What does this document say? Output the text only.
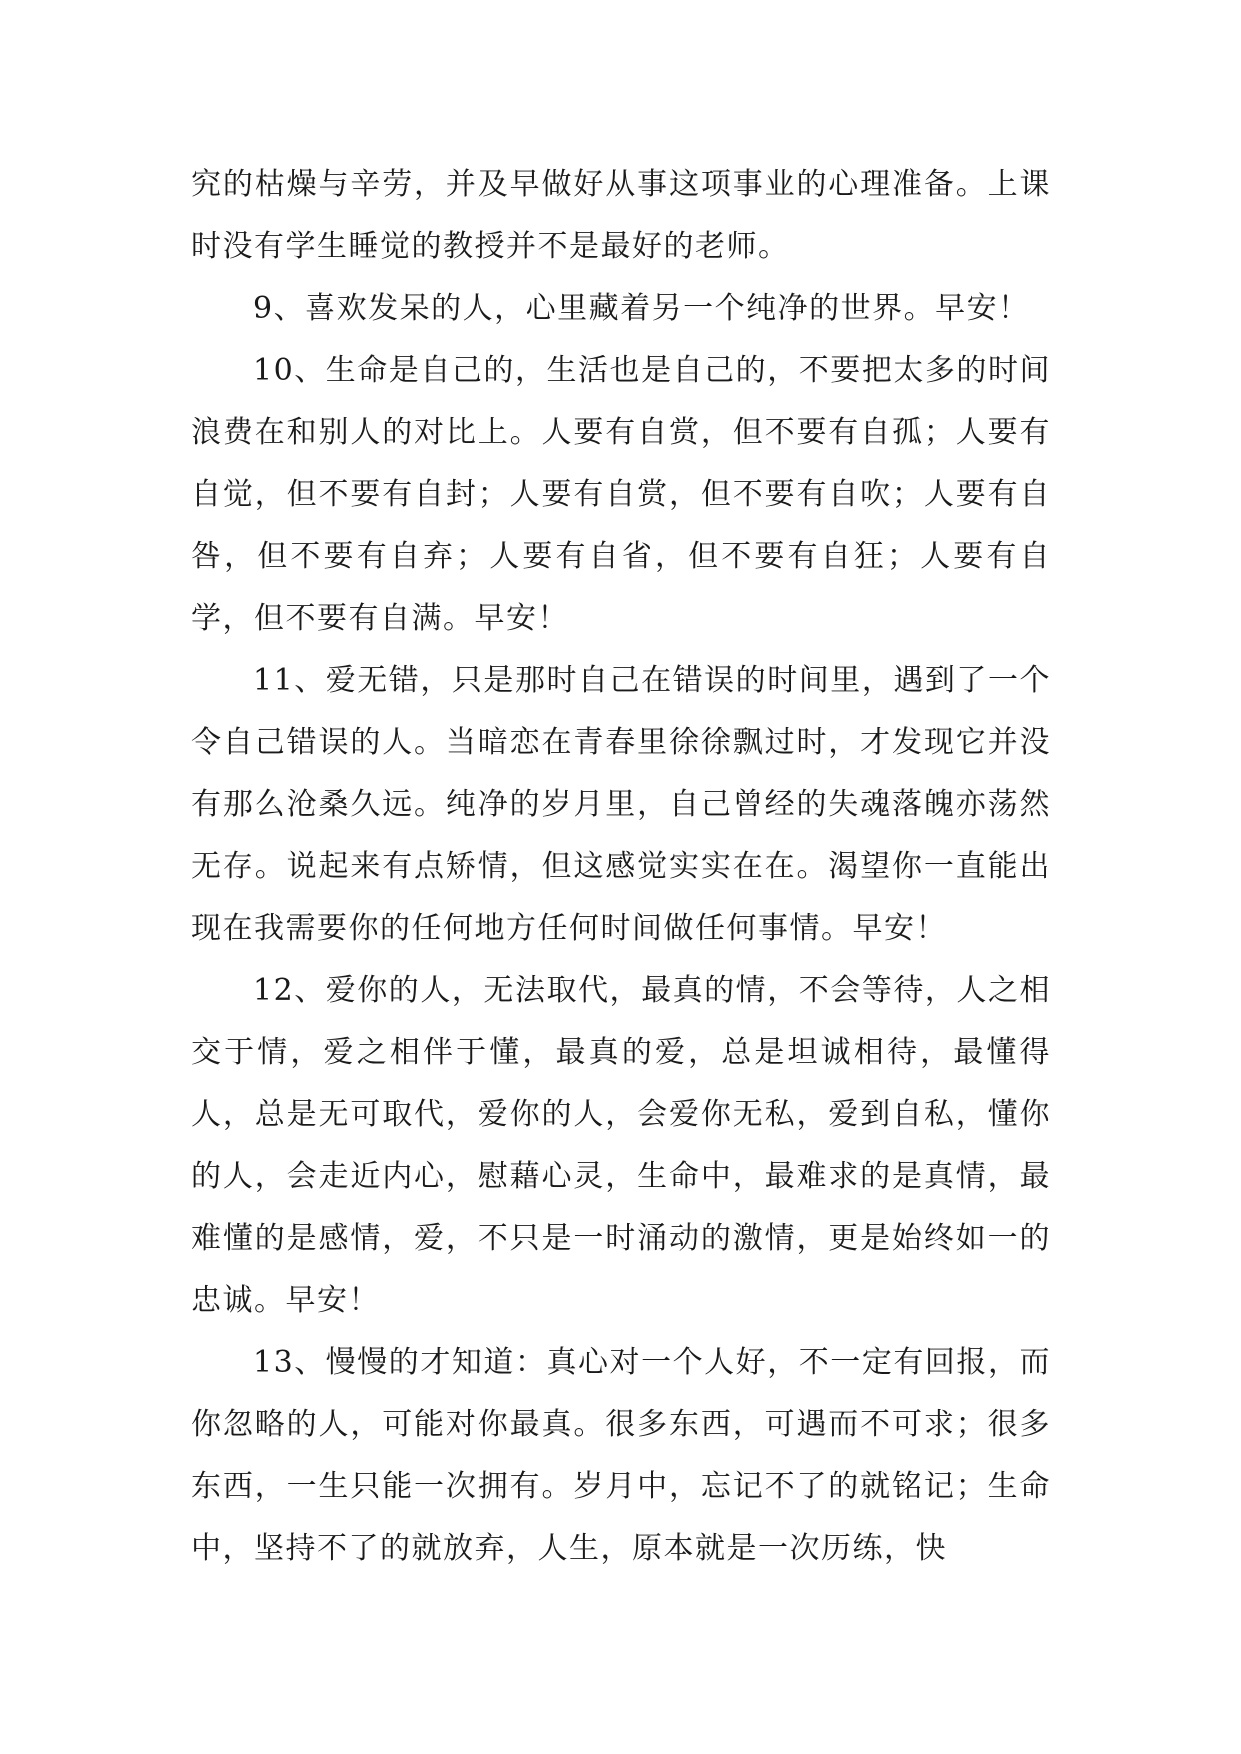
究的枯燥与辛劳，并及早做好从事这项事业的心理准备。上课时没有学生睡觉的教授并不是最好的老师。

9、喜欢发呆的人，心里藏着另一个纯净的世界。早安！

10、生命是自己的，生活也是自己的，不要把太多的时间浪费在和别人的对比上。人要有自赏，但不要有自孤；人要有自觉，但不要有自封；人要有自赏，但不要有自吹；人要有自咎，但不要有自弃；人要有自省，但不要有自狂；人要有自学，但不要有自满。早安！

11、爱无错，只是那时自己在错误的时间里，遇到了一个令自己错误的人。当暗恋在青春里徐徐飘过时，才发现它并没有那么沧桑久远。纯净的岁月里，自己曾经的失魂落魄亦荡然无存。说起来有点矫情，但这感觉实实在在。渴望你一直能出现在我需要你的任何地方任何时间做任何事情。早安！

12、爱你的人，无法取代，最真的情，不会等待，人之相交于情，爱之相伴于懂，最真的爱，总是坦诚相待，最懂得人，总是无可取代，爱你的人，会爱你无私，爱到自私，懂你的人，会走近内心，慰藉心灵，生命中，最难求的是真情，最难懂的是感情，爱，不只是一时涌动的激情，更是始终如一的忠诚。早安！

13、慢慢的才知道：真心对一个人好，不一定有回报，而你忽略的人，可能对你最真。很多东西，可遇而不可求；很多东西，一生只能一次拥有。岁月中，忘记不了的就铭记；生命中，坚持不了的就放弃，人生，原本就是一次历练，快
